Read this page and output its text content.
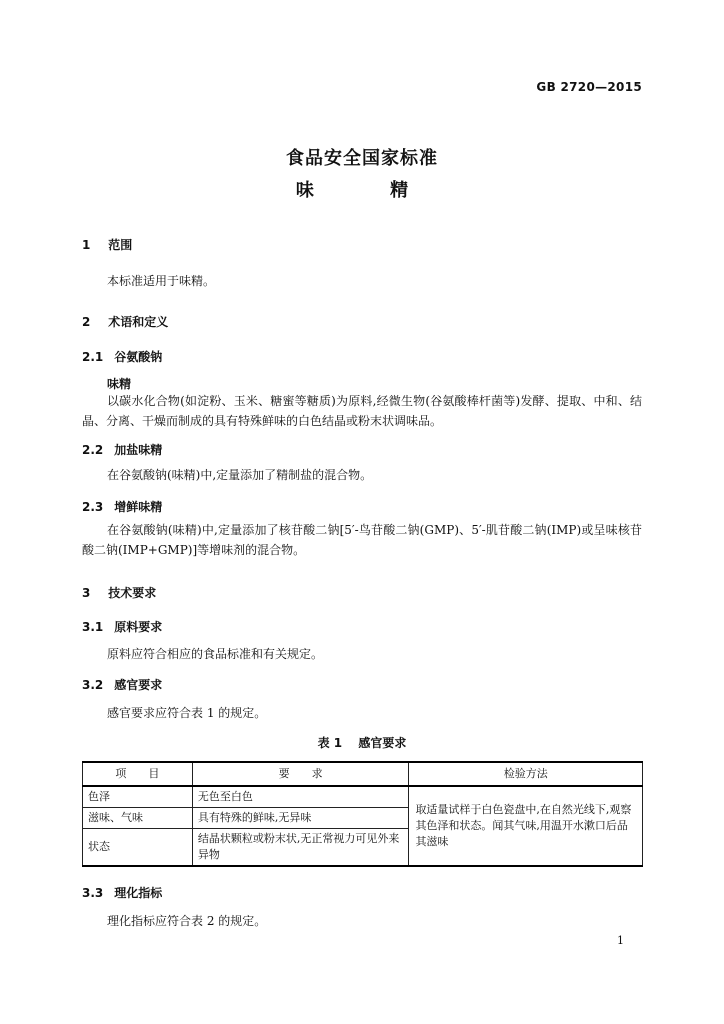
GB 2720—2015
食品安全国家标准
味 精
1 范围
本标准适用于味精。
2 术语和定义
2.1 谷氨酸钠
味精
以碳水化合物(如淀粉、玉米、糖蜜等糖质)为原料,经微生物(谷氨酸棒杆菌等)发酵、提取、中和、结晶、分离、干燥而制成的具有特殊鲜味的白色结晶或粉末状调味品。
2.2 加盐味精
在谷氨酸钠(味精)中,定量添加了精制盐的混合物。
2.3 增鲜味精
在谷氨酸钠(味精)中,定量添加了核苷酸二钠[5′-鸟苷酸二钠(GMP)、5′-肌苷酸二钠(IMP)或呈味核苷酸二钠(IMP+GMP)]等增味剂的混合物。
3 技术要求
3.1 原料要求
原料应符合相应的食品标准和有关规定。
3.2 感官要求
感官要求应符合表 1 的规定。
表 1 感官要求
项　　目	要　　求	检验方法
色泽	无色至白色	取适量试样于白色瓷盘中,在自然光线下,观察其色泽和状态。闻其气味,用温开水漱口后品其滋味
滋味、气味	具有特殊的鲜味,无异味	
状态	结晶状颗粒或粉末状,无正常视力可见外来异物	
3.3 理化指标
理化指标应符合表 2 的规定。
1
